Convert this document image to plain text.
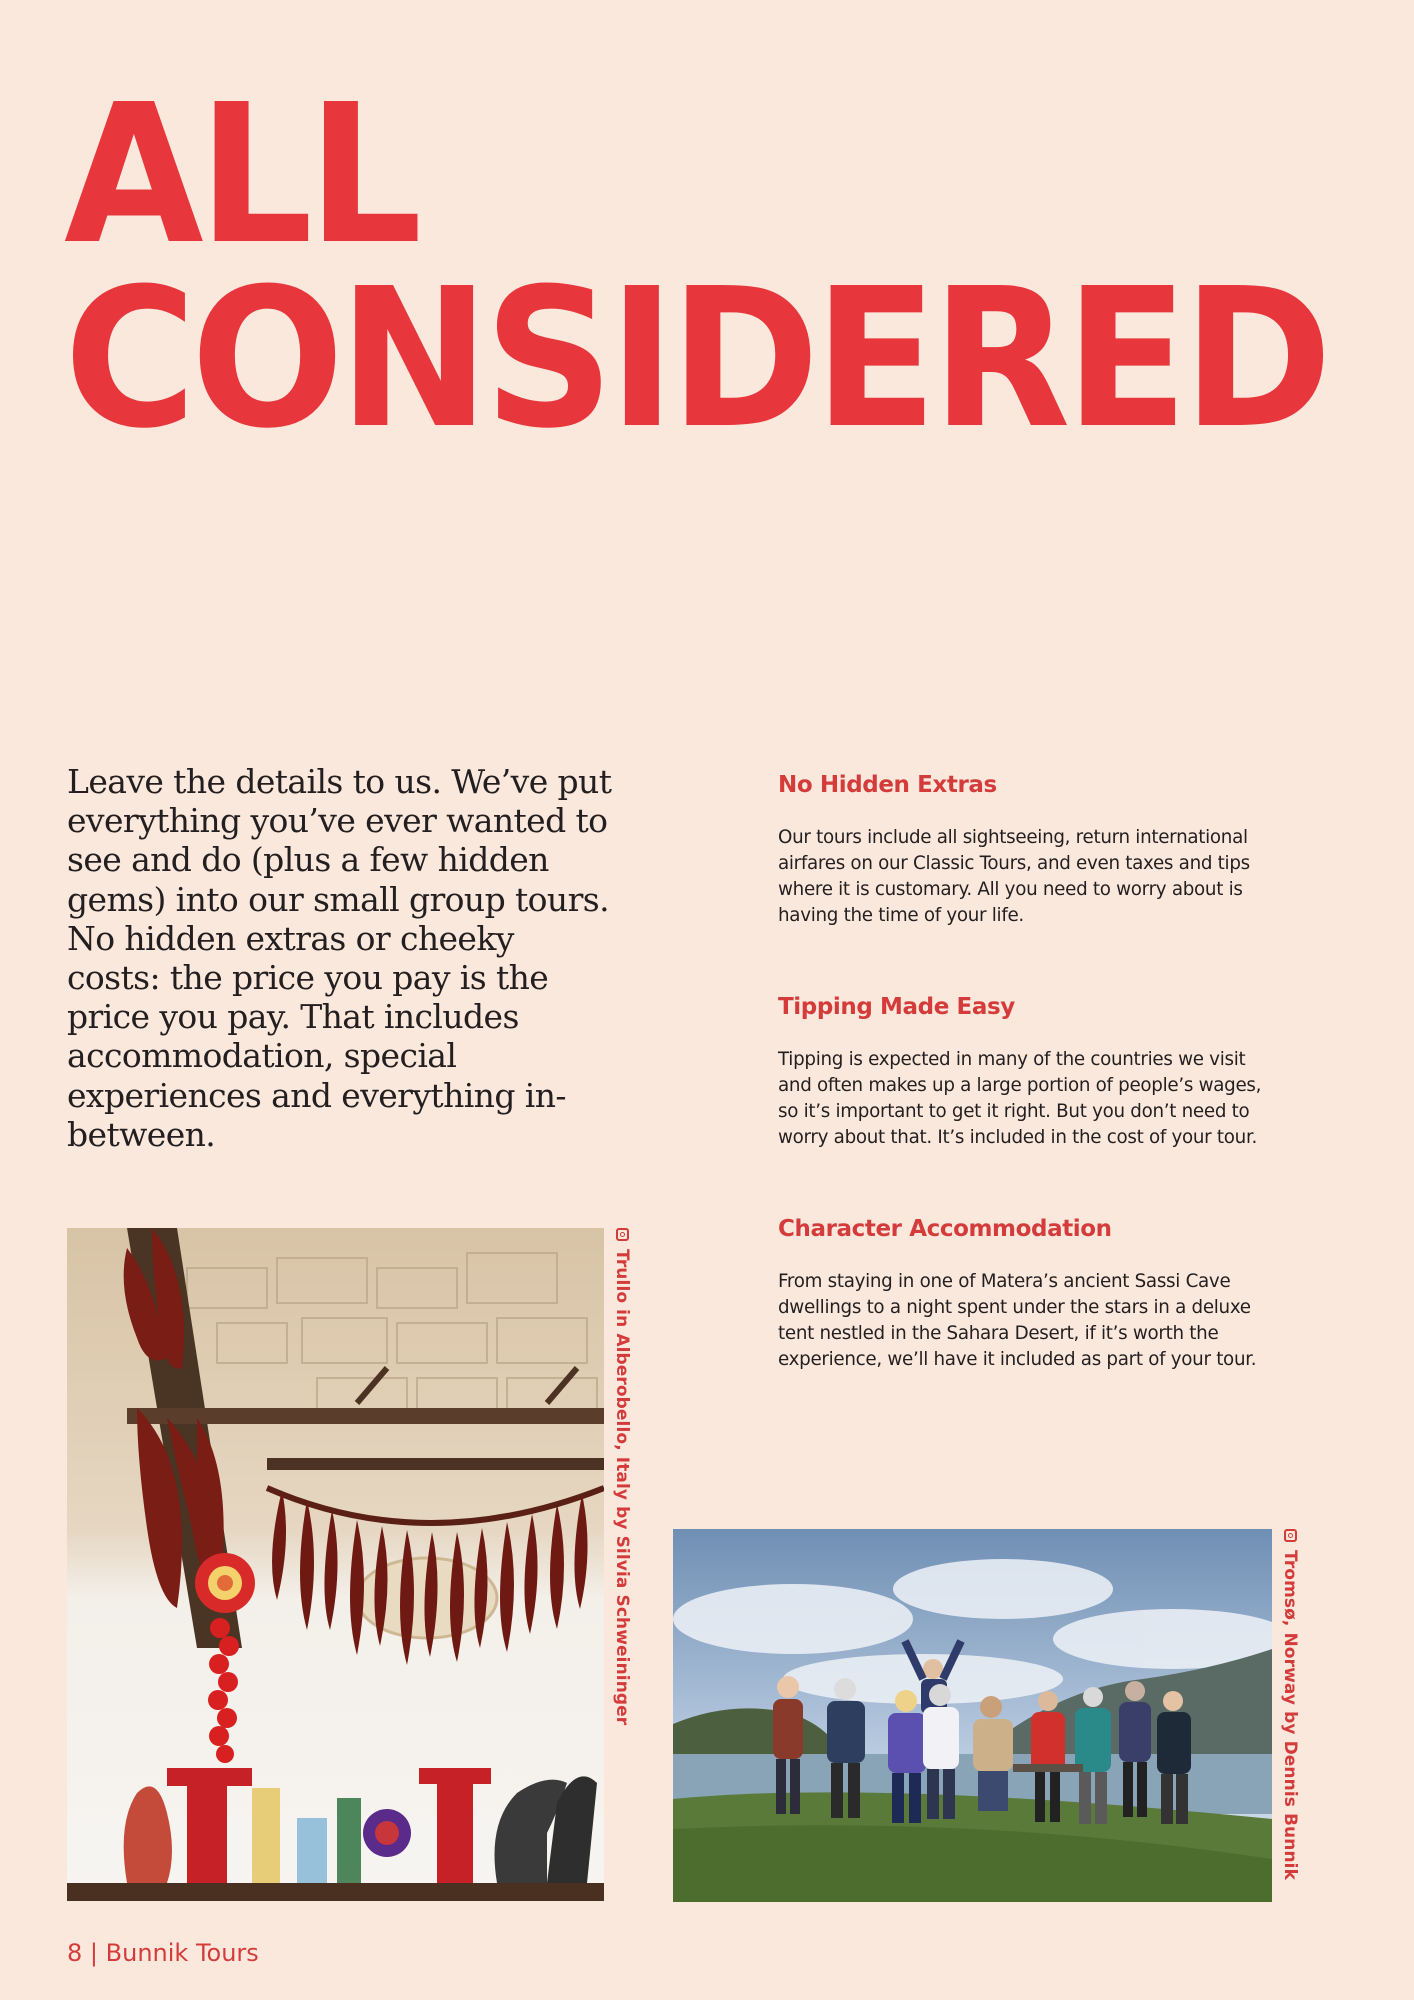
ALL
CONSIDERED

Leave the details to us. We’ve put everything you’ve ever wanted to see and do (plus a few hidden gems) into our small group tours. No hidden extras or cheeky costs: the price you pay is the price you pay. That includes accommodation, special experiences and everything in-between.

No Hidden Extras

Our tours include all sightseeing, return international airfares on our Classic Tours, and even taxes and tips where it is customary. All you need to worry about is having the time of your life.

Tipping Made Easy

Tipping is expected in many of the countries we visit and often makes up a large portion of people’s wages, so it’s important to get it right. But you don’t need to worry about that. It’s included in the cost of your tour.

Character Accommodation

From staying in one of Matera’s ancient Sassi Cave dwellings to a night spent under the stars in a deluxe tent nestled in the Sahara Desert, if it’s worth the experience, we’ll have it included as part of your tour.

Trullo in Alberobello, Italy by Silvia Schweininger	Tromsø, Norway by Dennis Bunnik
8 | Bunnik Tours
